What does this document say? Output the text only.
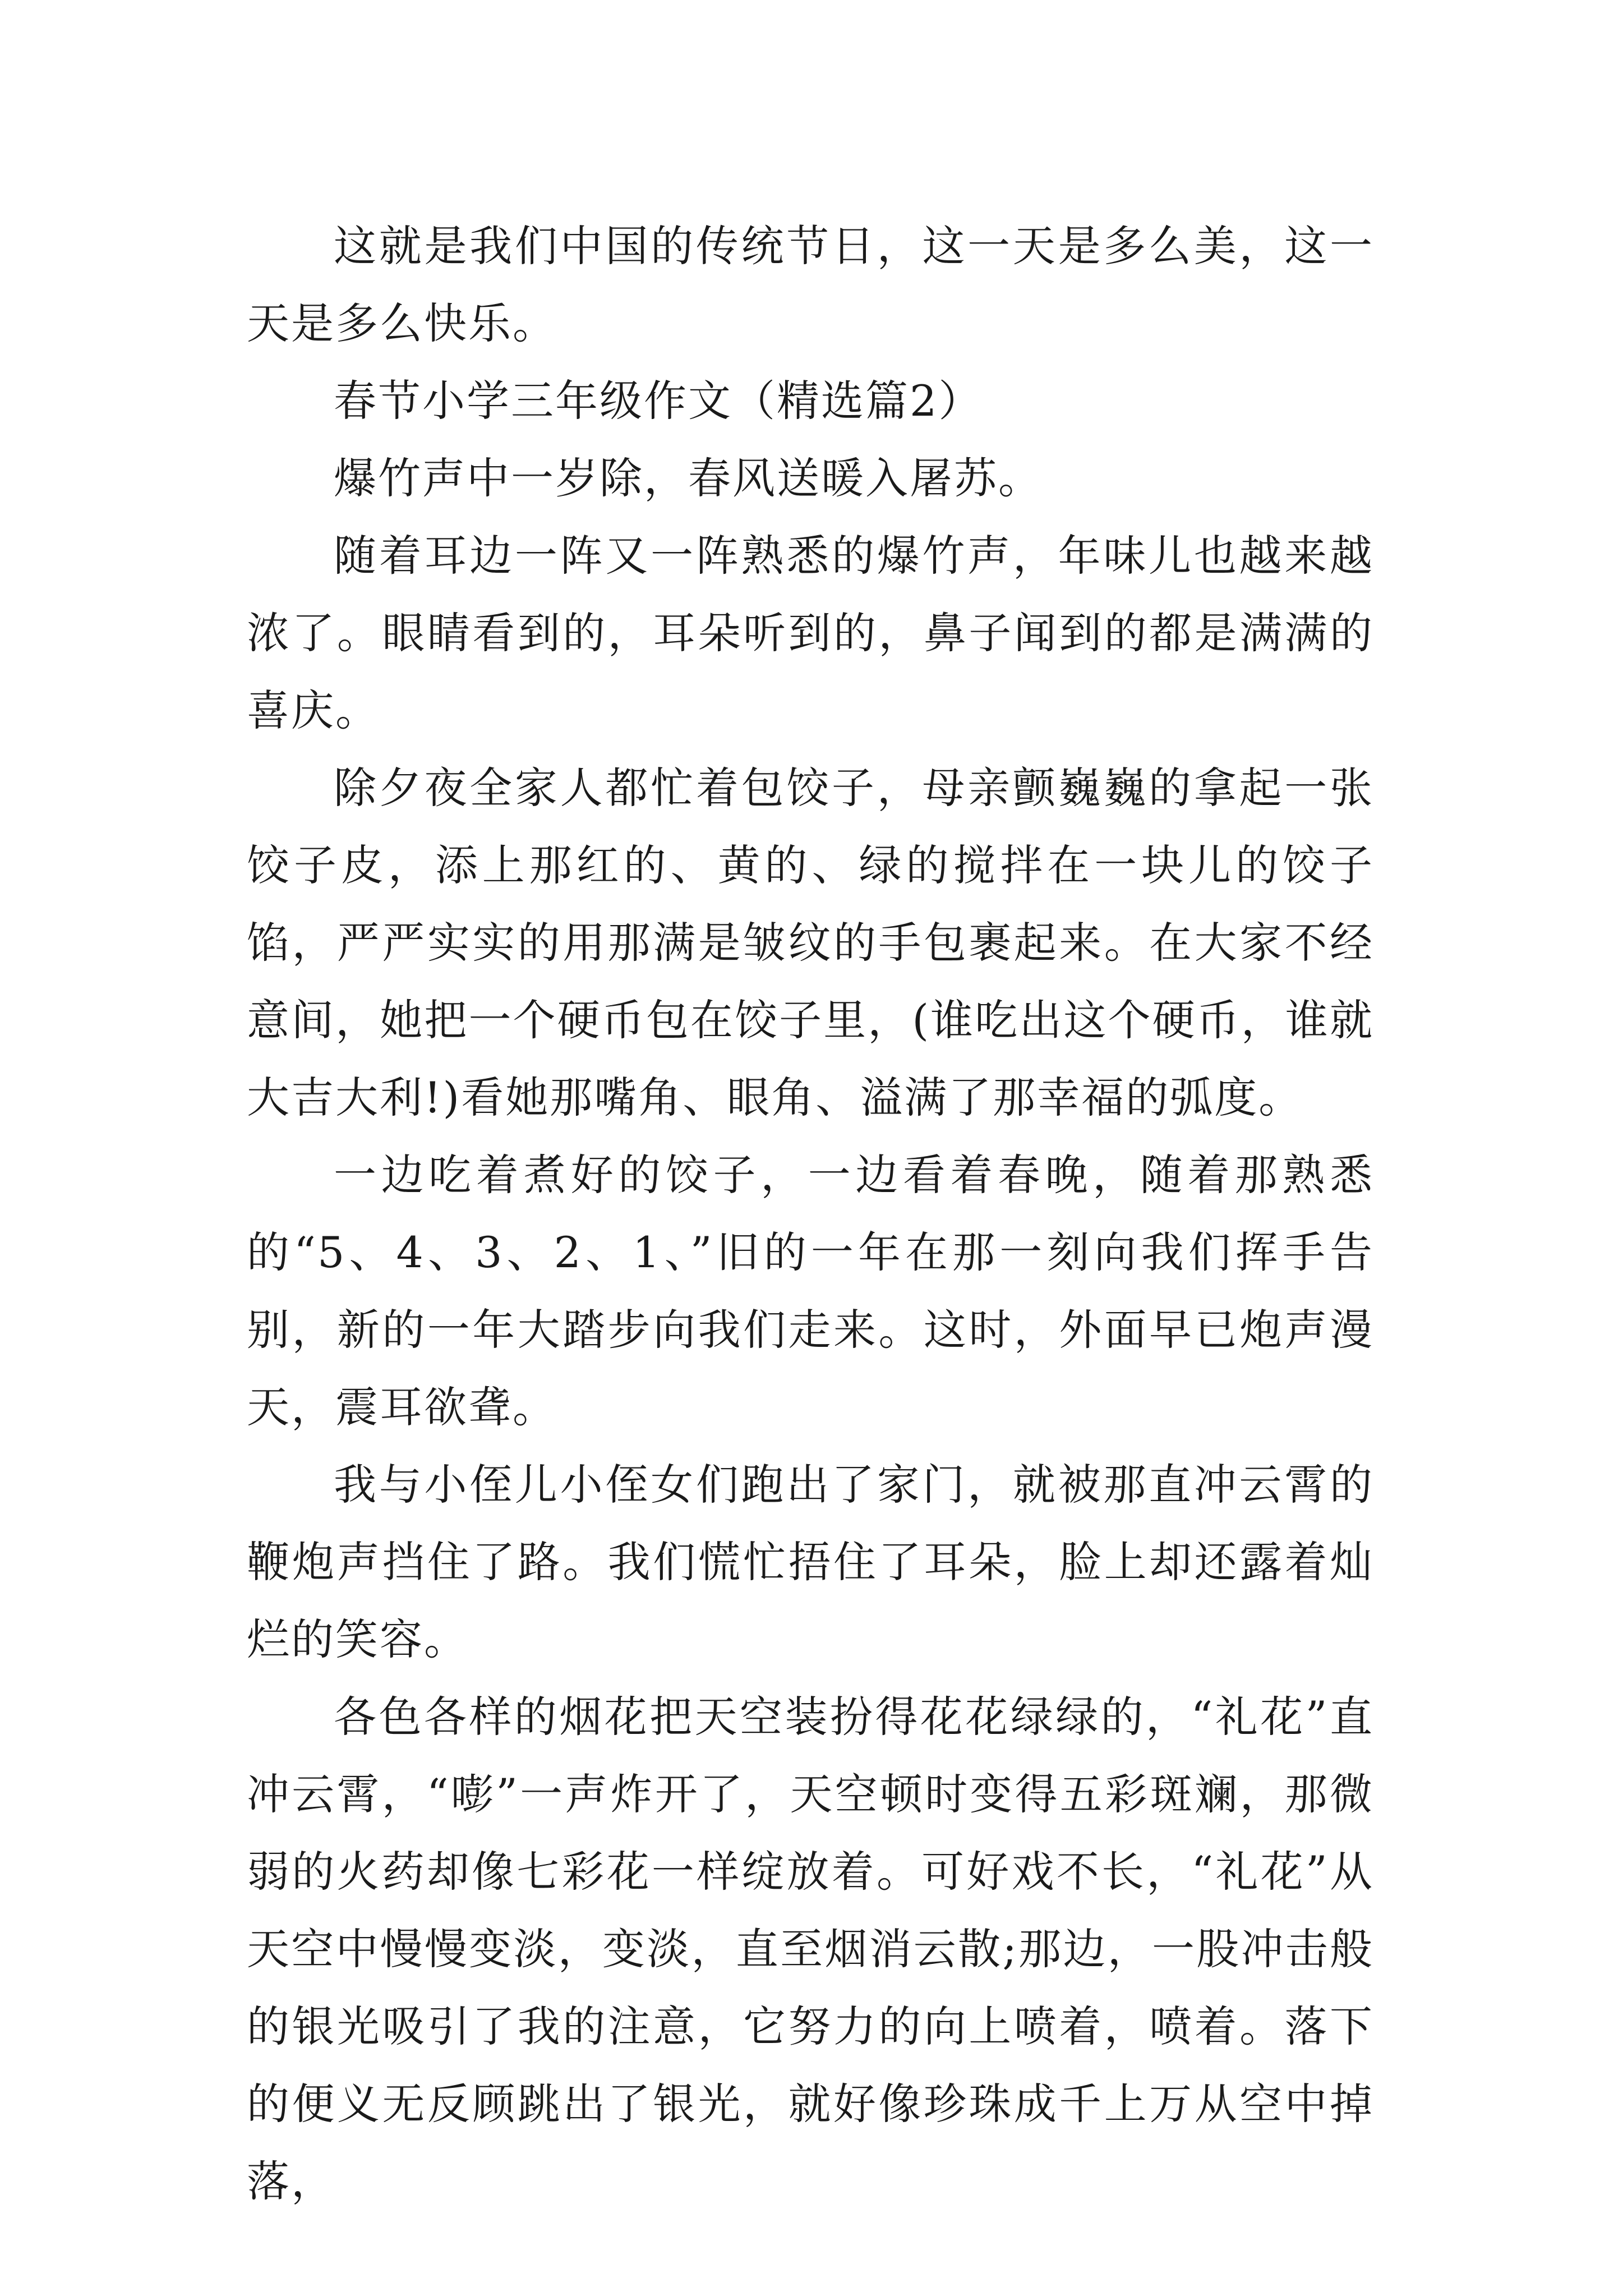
这就是我们中国的传统节日，这一天是多么美，这一天是多么快乐。

春节小学三年级作文（精选篇2）

爆竹声中一岁除，春风送暖入屠苏。

随着耳边一阵又一阵熟悉的爆竹声，年味儿也越来越浓了。眼睛看到的，耳朵听到的，鼻子闻到的都是满满的喜庆。

除夕夜全家人都忙着包饺子，母亲颤巍巍的拿起一张饺子皮，添上那红的、黄的、绿的搅拌在一块儿的饺子馅，严严实实的用那满是皱纹的手包裹起来。在大家不经意间，她把一个硬币包在饺子里，(谁吃出这个硬币，谁就大吉大利!)看她那嘴角、眼角、溢满了那幸福的弧度。

一边吃着煮好的饺子，一边看着春晚，随着那熟悉的“5、4、3、2、1、”旧的一年在那一刻向我们挥手告别，新的一年大踏步向我们走来。这时，外面早已炮声漫天，震耳欲聋。

我与小侄儿小侄女们跑出了家门，就被那直冲云霄的鞭炮声挡住了路。我们慌忙捂住了耳朵，脸上却还露着灿烂的笑容。

各色各样的烟花把天空装扮得花花绿绿的，“礼花”直冲云霄，“嘭”一声炸开了，天空顿时变得五彩斑斓，那微弱的火药却像七彩花一样绽放着。可好戏不长，“礼花”从天空中慢慢变淡，变淡，直至烟消云散;那边，一股冲击般的银光吸引了我的注意，它努力的向上喷着，喷着。落下的便义无反顾跳出了银光，就好像珍珠成千上万从空中掉落，
